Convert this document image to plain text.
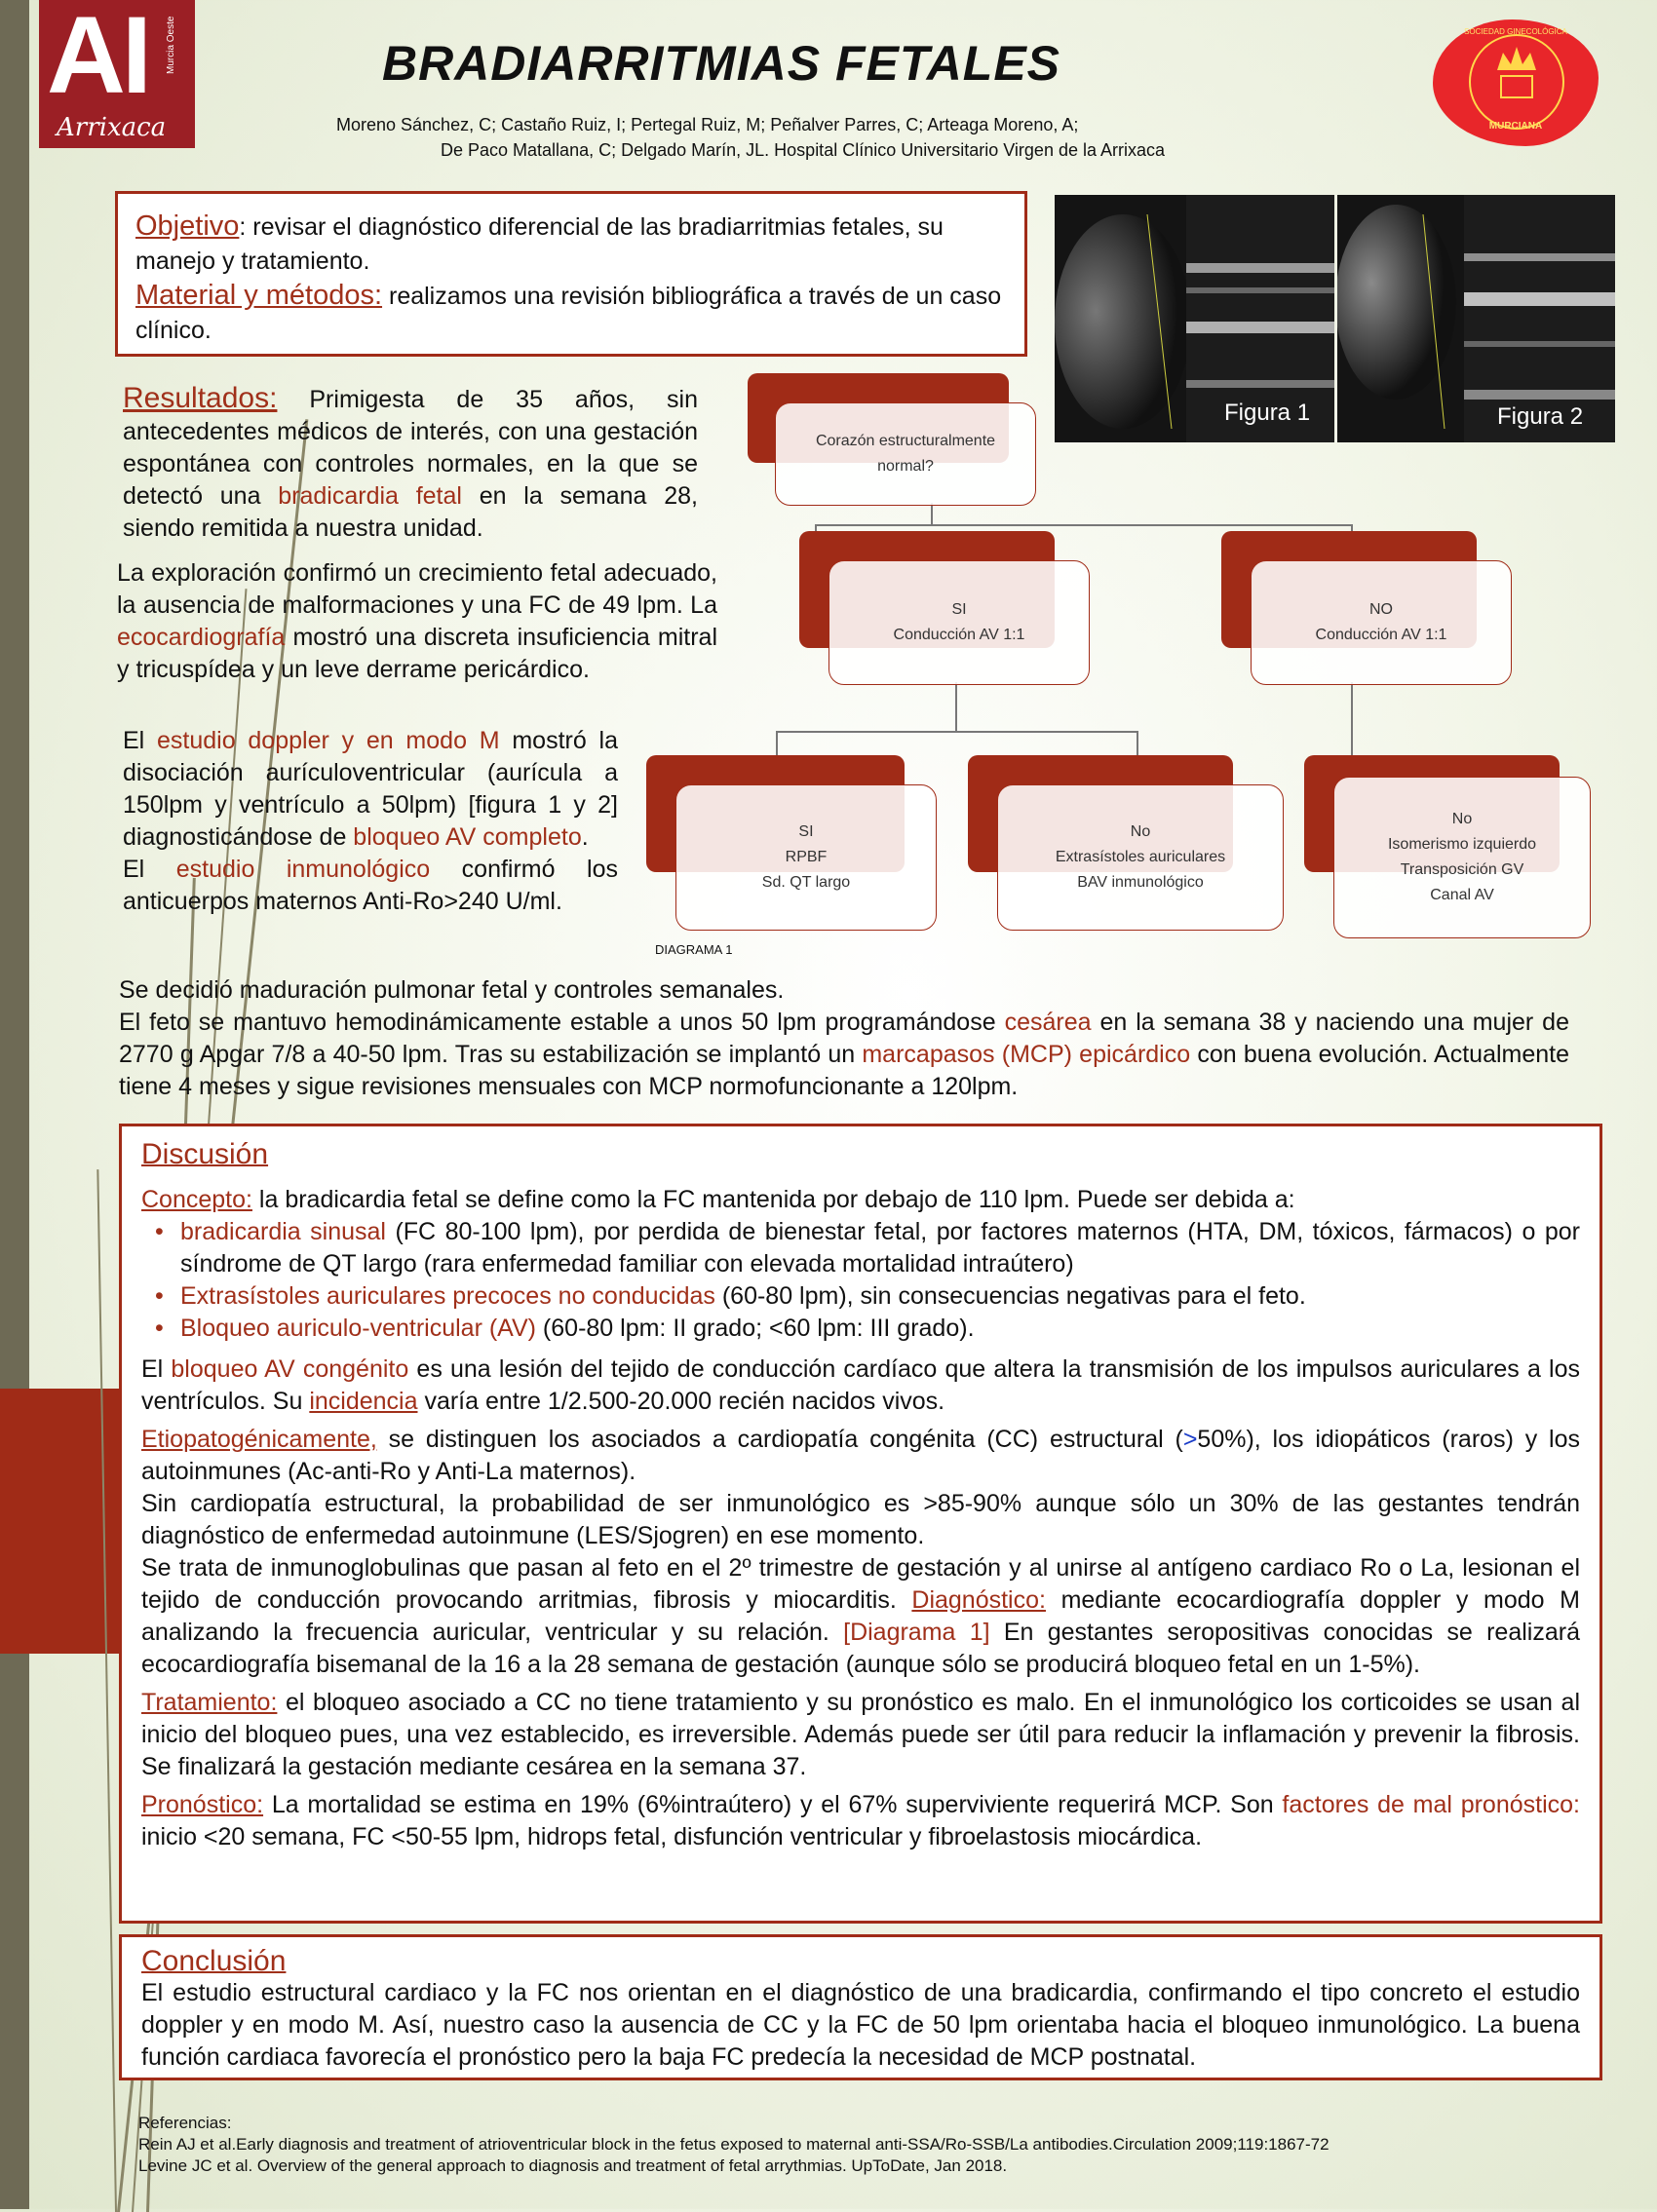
AI
Arrixaca
Murcia Oeste	BRADIARRITMIAS FETALES
Moreno Sánchez, C; Castaño Ruiz, I; Pertegal Ruiz, M; Peñalver Parres, C; Arteaga Moreno, A;
De Paco Matallana, C; Delgado Marín, JL. Hospital Clínico Universitario Virgen de la Arrixaca
SOCIEDAD GINECOLÓGICA
MURCIANA
Objetivo: revisar el diagnóstico diferencial de las bradiarritmias fetales, su manejo y tratamiento.
Material y métodos: realizamos una revisión bibliográfica a través de un caso clínico.
Figura 1	Figura 2
Resultados: Primigesta de 35 años, sin antecedentes médicos de interés, con una gestación espontánea con controles normales, en la que se detectó una bradicardia fetal en la semana 28, siendo remitida a nuestra unidad.
La exploración confirmó un crecimiento fetal adecuado, la ausencia de malformaciones y una FC de 49 lpm. La ecocardiografía mostró una discreta insuficiencia mitral y tricuspídea y un leve derrame pericárdico.
El estudio doppler y en modo M mostró la disociación aurículoventricular (aurícula a 150lpm y ventrículo a 50lpm) [figura 1 y 2] diagnosticándose de bloqueo AV completo.
El estudio inmunológico confirmó los anticuerpos maternos Anti-Ro>240 U/ml.
Corazón estructuralmente
normal?
SI
Conducción AV 1:1
NO
Conducción AV 1:1
SI
RPBF
Sd. QT largo
No
Extrasístoles auriculares
BAV inmunológico
No
Isomerismo izquierdo
Transposición GV
Canal AV
DIAGRAMA 1
Se decidió maduración pulmonar fetal y controles semanales.
El feto se mantuvo hemodinámicamente estable a unos 50 lpm programándose cesárea en la semana 38 y naciendo una mujer de 2770 g Apgar 7/8 a 40-50 lpm. Tras su estabilización se implantó un marcapasos (MCP) epicárdico con buena evolución. Actualmente tiene 4 meses y sigue revisiones mensuales con MCP normofuncionante a 120lpm.
Discusión
Concepto: la bradicardia fetal se define como la FC mantenida por debajo de 110 lpm. Puede ser debida a:
• bradicardia sinusal (FC 80-100 lpm), por perdida de bienestar fetal, por factores maternos (HTA, DM, tóxicos, fármacos) o por síndrome de QT largo (rara enfermedad familiar con elevada mortalidad intraútero)
• Extrasístoles auriculares precoces no conducidas (60-80 lpm), sin consecuencias negativas para el feto.
• Bloqueo auriculo-ventricular (AV) (60-80 lpm: II grado; <60 lpm: III grado).
El bloqueo AV congénito es una lesión del tejido de conducción cardíaco que altera la transmisión de los impulsos auriculares a los ventrículos. Su incidencia varía entre 1/2.500-20.000 recién nacidos vivos.
Etiopatogénicamente, se distinguen los asociados a cardiopatía congénita (CC) estructural (>50%), los idiopáticos (raros) y los autoinmunes (Ac-anti-Ro y Anti-La maternos).
Sin cardiopatía estructural, la probabilidad de ser inmunológico es >85-90% aunque sólo un 30% de las gestantes tendrán diagnóstico de enfermedad autoinmune (LES/Sjogren) en ese momento.
Se trata de inmunoglobulinas que pasan al feto en el 2º trimestre de gestación y al unirse al antígeno cardiaco Ro o La, lesionan el tejido de conducción provocando arritmias, fibrosis y miocarditis. Diagnóstico: mediante ecocardiografía doppler y modo M analizando la frecuencia auricular, ventricular y su relación. [Diagrama 1] En gestantes seropositivas conocidas se realizará ecocardiografía bisemanal de la 16 a la 28 semana de gestación (aunque sólo se producirá bloqueo fetal en un 1-5%).
Tratamiento: el bloqueo asociado a CC no tiene tratamiento y su pronóstico es malo. En el inmunológico los corticoides se usan al inicio del bloqueo pues, una vez establecido, es irreversible. Además puede ser útil para reducir la inflamación y prevenir la fibrosis. Se finalizará la gestación mediante cesárea en la semana 37.
Pronóstico: La mortalidad se estima en 19% (6%intraútero) y el 67% superviviente requerirá MCP. Son factores de mal pronóstico: inicio <20 semana, FC <50-55 lpm, hidrops fetal, disfunción ventricular y fibroelastosis miocárdica.
Conclusión
El estudio estructural cardiaco y la FC nos orientan en el diagnóstico de una bradicardia, confirmando el tipo concreto el estudio doppler y en modo M. Así, nuestro caso la ausencia de CC y la FC de 50 lpm orientaba hacia el bloqueo inmunológico. La buena función cardiaca favorecía el pronóstico pero la baja FC predecía la necesidad de MCP postnatal.
Referencias:
Rein AJ et al.Early diagnosis and treatment of atrioventricular block in the fetus exposed to maternal anti-SSA/Ro-SSB/La antibodies.Circulation 2009;119:1867-72
Levine JC et al. Overview of the general approach to diagnosis and treatment of fetal arrythmias. UpToDate, Jan 2018.
